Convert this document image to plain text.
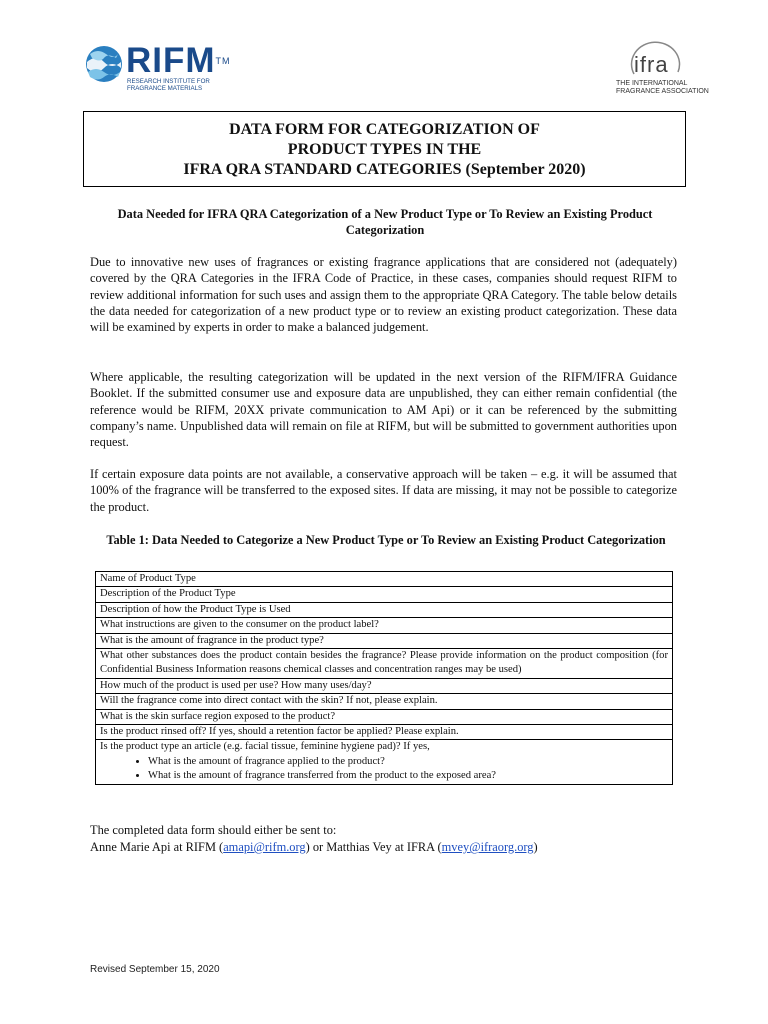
RIFM™
RESEARCH INSTITUTE FOR FRAGRANCE MATERIALS
ifra
THE INTERNATIONAL FRAGRANCE ASSOCIATION
DATA FORM FOR CATEGORIZATION OF
PRODUCT TYPES IN THE
IFRA QRA STANDARD CATEGORIES (September 2020)
Data Needed for IFRA QRA Categorization of a New Product Type or To Review an Existing Product Categorization
Due to innovative new uses of fragrances or existing fragrance applications that are considered not (adequately) covered by the QRA Categories in the IFRA Code of Practice, in these cases, companies should request RIFM to review additional information for such uses and assign them to the appropriate QRA Category. The table below details the data needed for categorization of a new product type or to review an existing product categorization. These data will be examined by experts in order to make a balanced judgement.
Where applicable, the resulting categorization will be updated in the next version of the RIFM/IFRA Guidance Booklet. If the submitted consumer use and exposure data are unpublished, they can either remain confidential (the reference would be RIFM, 20XX private communication to AM Api) or it can be referenced by the submitting company’s name. Unpublished data will remain on file at RIFM, but will be submitted to government authorities upon request.
If certain exposure data points are not available, a conservative approach will be taken – e.g. it will be assumed that 100% of the fragrance will be transferred to the exposed sites. If data are missing, it may not be possible to categorize the product.
Table 1: Data Needed to Categorize a New Product Type or To Review an Existing Product Categorization
Name of Product Type
Description of the Product Type
Description of how the Product Type is Used
What instructions are given to the consumer on the product label?
What is the amount of fragrance in the product type?
What other substances does the product contain besides the fragrance? Please provide information on the product composition (for Confidential Business Information reasons chemical classes and concentration ranges may be used)
How much of the product is used per use? How many uses/day?
Will the fragrance come into direct contact with the skin? If not, please explain.
What is the skin surface region exposed to the product?
Is the product rinsed off? If yes, should a retention factor be applied? Please explain.

Is the product type an article (e.g. facial tissue, feminine hygiene pad)? If yes,
• What is the amount of fragrance applied to the product?
• What is the amount of fragrance transferred from the product to the exposed area?
The completed data form should either be sent to:
Anne Marie Api at RIFM (amapi@rifm.org) or Matthias Vey at IFRA (mvey@ifraorg.org)
Revised September 15, 2020
